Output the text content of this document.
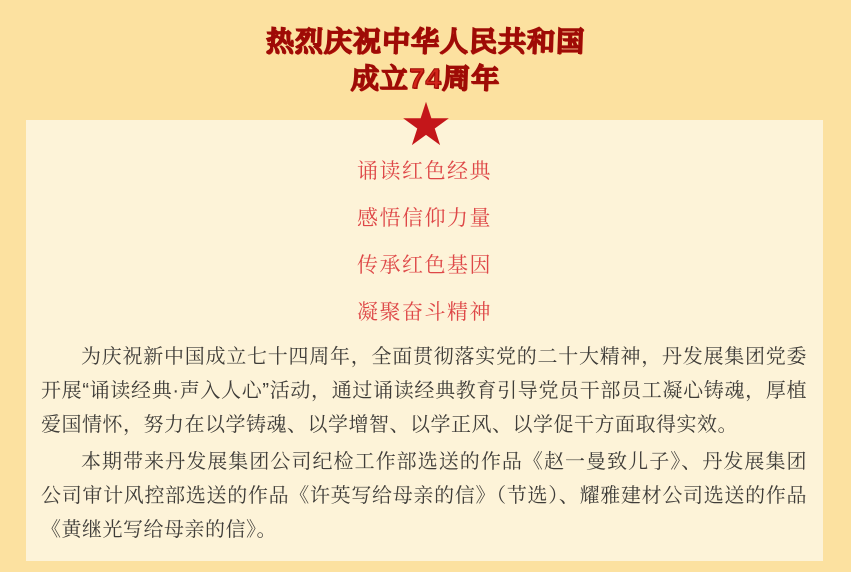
热烈庆祝中华人民共和国
成立74周年

诵读红色经典

感悟信仰力量

传承红色基因

凝聚奋斗精神

为庆祝新中国成立七十四周年，全面贯彻落实党的二十大精神，丹发展集团党委开展“诵读经典·声入人心”活动，通过诵读经典教育引导党员干部员工凝心铸魂，厚植爱国情怀，努力在以学铸魂、以学增智、以学正风、以学促干方面取得实效。

本期带来丹发展集团公司纪检工作部选送的作品《赵一曼致儿子》、丹发展集团公司审计风控部选送的作品《许英写给母亲的信》（节选）、耀雅建材公司选送的作品《黄继光写给母亲的信》。
